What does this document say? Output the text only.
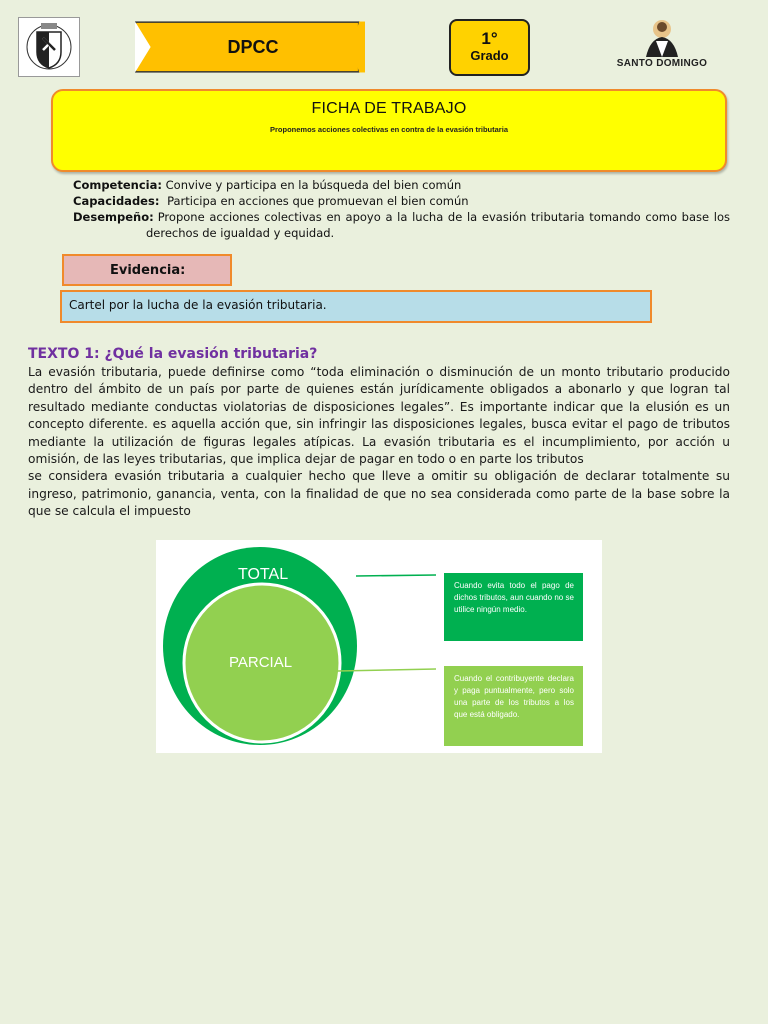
DPCC	1°
Grado
SANTO DOMINGO
FICHA DE TRABAJO
Proponemos acciones colectivas en contra de la evasión tributaria
Competencia: Convive y participa en la búsqueda del bien común
Capacidades: Participa en acciones que promuevan el bien común
Desempeño: Propone acciones colectivas en apoyo a la lucha de la evasión tributaria tomando como base los
derechos de igualdad y equidad.
Evidencia:
Cartel por la lucha de la evasión tributaria.
TEXTO 1: ¿Qué la evasión tributaria?

La evasión tributaria, puede definirse como “toda eliminación o disminución de un monto tributario producido dentro del ámbito de un país por parte de quienes están jurídicamente obligados a abonarlo y que logran tal resultado mediante conductas violatorias de disposiciones legales”. Es importante indicar que la elusión es un concepto diferente. es aquella acción que, sin infringir las disposiciones legales, busca evitar el pago de tributos mediante la utilización de figuras legales atípicas. La evasión tributaria es el incumplimiento, por acción u omisión, de las leyes tributarias, que implica dejar de pagar en todo o en parte los tributos

se considera evasión tributaria a cualquier hecho que lleve a omitir su obligación de declarar totalmente su ingreso, patrimonio, ganancia, venta, con la finalidad de que no sea considerada como parte de la base sobre la que se calcula el impuesto

TOTAL
PARCIAL
Cuando evita todo el pago de dichos tributos, aun cuando no se utilice ningún medio.
Cuando el contribuyente declara y paga puntualmente, pero solo una parte de los tributos a los que está obligado.
